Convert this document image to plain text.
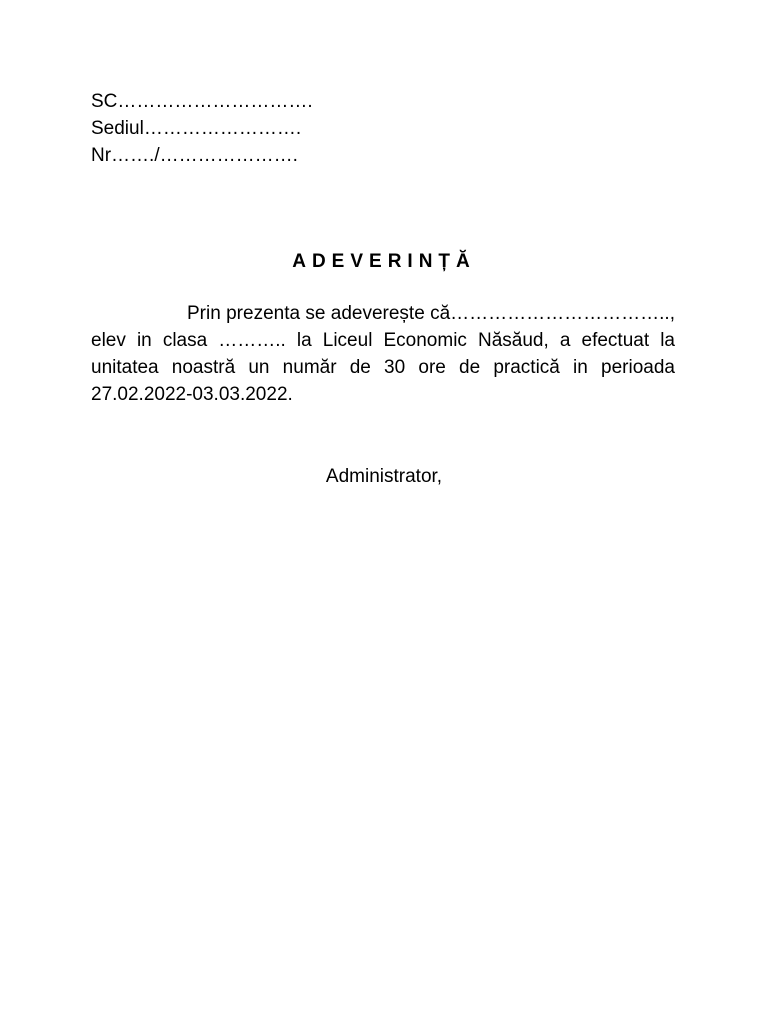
SC………………………….
Sediul…………………….
Nr……./………………….
ADEVERINȚĂ
Prin prezenta se adeverește că…………………………….., elev in clasa ……….. la Liceul Economic Năsăud, a efectuat la unitatea noastră un număr de 30 ore de practică in perioada 27.02.2022-03.03.2022.
Administrator,
